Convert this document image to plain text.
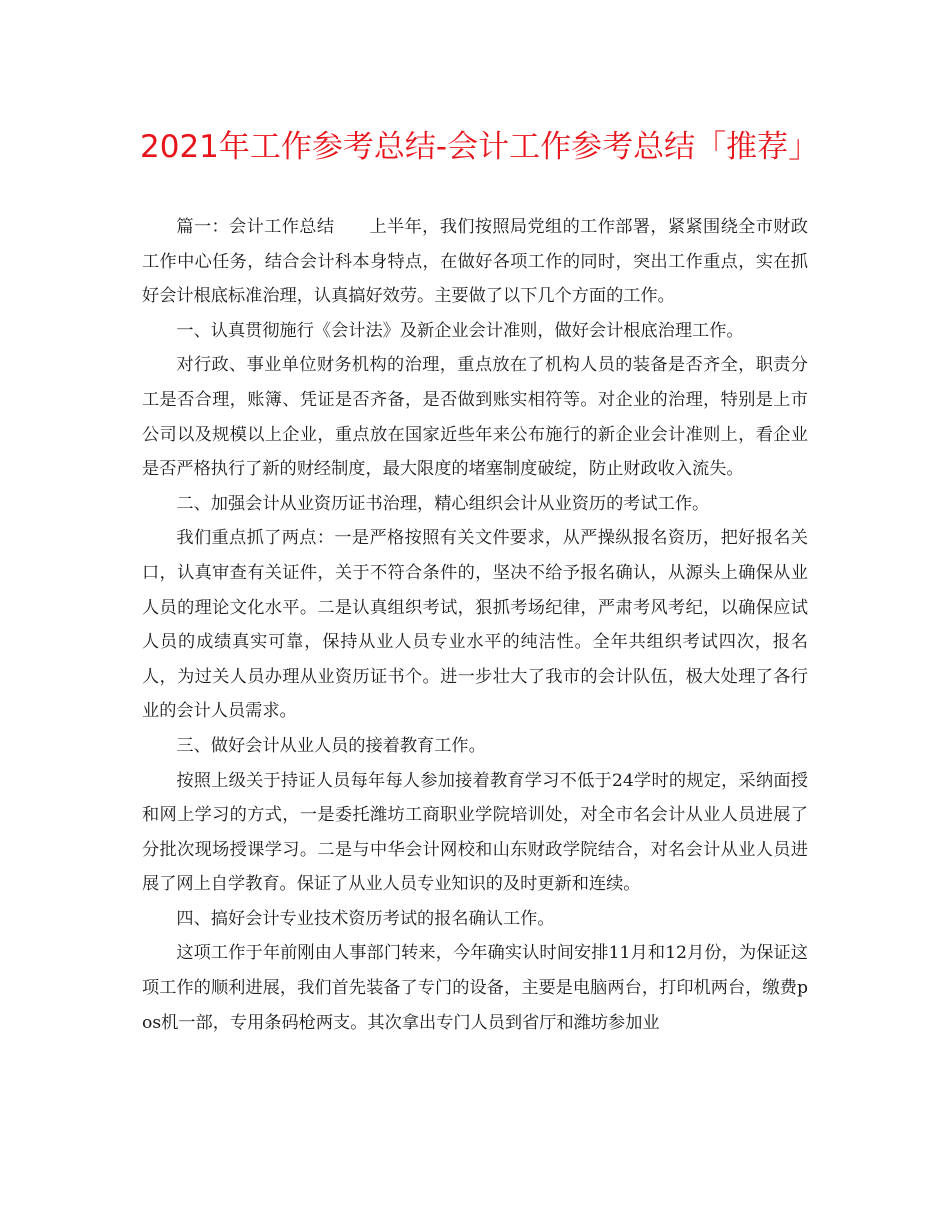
2021年工作参考总结-会计工作参考总结「推荐」

篇一：会计工作总结　　上半年，我们按照局党组的工作部署，紧紧围绕全市财政工作中心任务，结合会计科本身特点，在做好各项工作的同时，突出工作重点，实在抓好会计根底标准治理，认真搞好效劳。主要做了以下几个方面的工作。

一、认真贯彻施行《会计法》及新企业会计准则，做好会计根底治理工作。

对行政、事业单位财务机构的治理，重点放在了机构人员的装备是否齐全，职责分工是否合理，账簿、凭证是否齐备，是否做到账实相符等。对企业的治理，特别是上市公司以及规模以上企业，重点放在国家近些年来公布施行的新企业会计准则上，看企业是否严格执行了新的财经制度，最大限度的堵塞制度破绽，防止财政收入流失。

二、加强会计从业资历证书治理，精心组织会计从业资历的考试工作。

我们重点抓了两点：一是严格按照有关文件要求，从严操纵报名资历，把好报名关口，认真审查有关证件，关于不符合条件的，坚决不给予报名确认，从源头上确保从业人员的理论文化水平。二是认真组织考试，狠抓考场纪律，严肃考风考纪，以确保应试人员的成绩真实可靠，保持从业人员专业水平的纯洁性。全年共组织考试四次，报名人，为过关人员办理从业资历证书个。进一步壮大了我市的会计队伍，极大处理了各行业的会计人员需求。

三、做好会计从业人员的接着教育工作。

按照上级关于持证人员每年每人参加接着教育学习不低于24学时的规定，采纳面授和网上学习的方式，一是委托潍坊工商职业学院培训处，对全市名会计从业人员进展了分批次现场授课学习。二是与中华会计网校和山东财政学院结合，对名会计从业人员进展了网上自学教育。保证了从业人员专业知识的及时更新和连续。

四、搞好会计专业技术资历考试的报名确认工作。

这项工作于年前刚由人事部门转来，今年确实认时间安排11月和12月份，为保证这项工作的顺利进展，我们首先装备了专门的设备，主要是电脑两台，打印机两台，缴费pos机一部，专用条码枪两支。其次拿出专门人员到省厅和潍坊参加业
